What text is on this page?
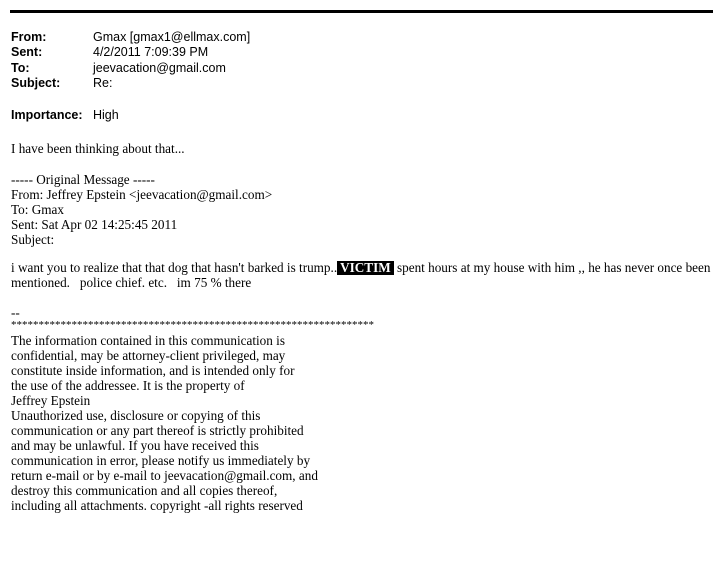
From:	Gmax [gmax1@ellmax.com]
Sent:	4/2/2011 7:09:39 PM
To:	jeevacation@gmail.com
Subject:	Re:
Importance: High
I have been thinking about that...
----- Original Message -----
From: Jeffrey Epstein <jeevacation@gmail.com>
To: Gmax
Sent: Sat Apr 02 14:25:45 2011
Subject:
i want you to realize that that dog that hasn't barked is trump.. VICTIM spent hours at my house with him ,, he has never once been
mentioned.   police chief. etc.   im 75 % there
--
******************************************************************
The information contained in this communication is
confidential, may be attorney-client privileged, may
constitute inside information, and is intended only for
the use of the addressee. It is the property of
Jeffrey Epstein
Unauthorized use, disclosure or copying of this
communication or any part thereof is strictly prohibited
and may be unlawful. If you have received this
communication in error, please notify us immediately by
return e-mail or by e-mail to jeevacation@gmail.com, and
destroy this communication and all copies thereof,
including all attachments. copyright -all rights reserved
